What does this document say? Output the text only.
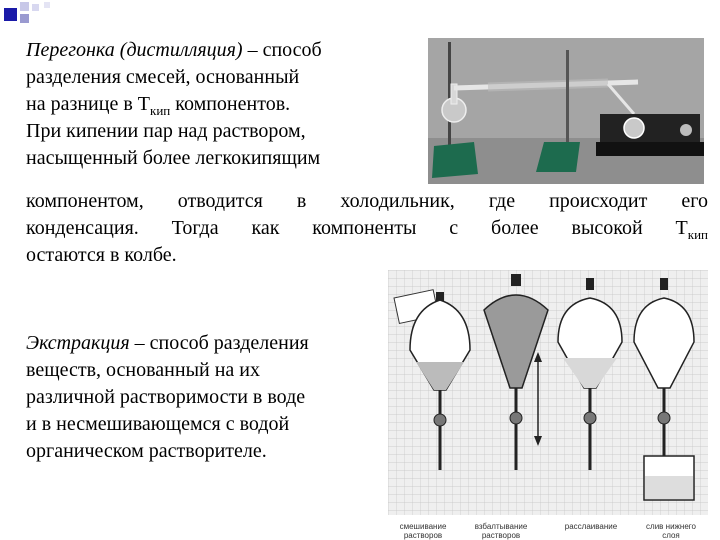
Перегонка (дистилляция) – способ
разделения смесей, основанный
на разнице в $Т_{кип}$ компонентов.
При кипении пар над раствором,
насыщенный более легкокипящим
компонентом, отводится в холодильник, где происходит его
конденсация. Тогда как компоненты с более высокой $Т_{кип}$
остаются в колбе.
Экстракция – способ разделения
веществ, основанный на их
различной растворимости в воде
и в несмешивающемся с водой
органическом растворителе.
смешивание растворов
взбалтывание растворов
расслаивание	слив нижнего слоя
